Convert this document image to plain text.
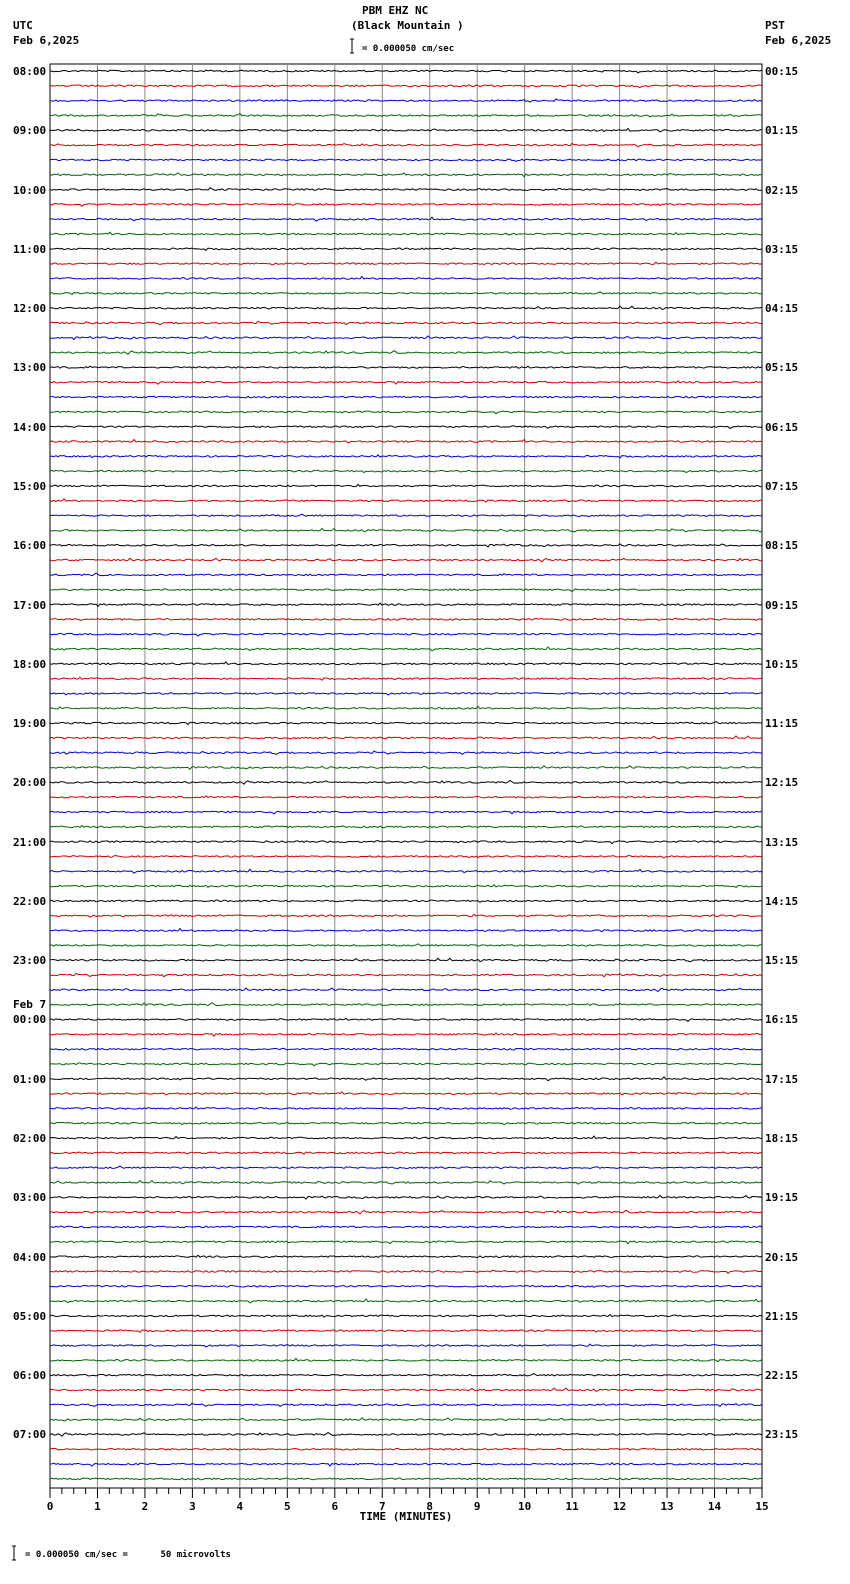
PBM EHZ NC
(Black Mountain )
UTC
Feb 6,2025
PST
Feb 6,2025
= 0.000050 cm/sec
= 0.000050 cm/sec =      50 microvolts
0	1	2	3	4	5	6	7	8	9	10	11	12	13	14	15
TIME (MINUTES)
08:00
09:00
10:00
11:00
12:00
13:00
14:00
15:00
16:00
17:00
18:00
19:00
20:00
21:00
22:00
23:00
Feb 7
00:00
01:00
02:00
03:00
04:00
05:00
06:00
07:00
00:15
01:15
02:15
03:15
04:15
05:15
06:15
07:15
08:15
09:15
10:15
11:15
12:15
13:15
14:15
15:15
16:15
17:15
18:15
19:15
20:15
21:15
22:15
23:15
